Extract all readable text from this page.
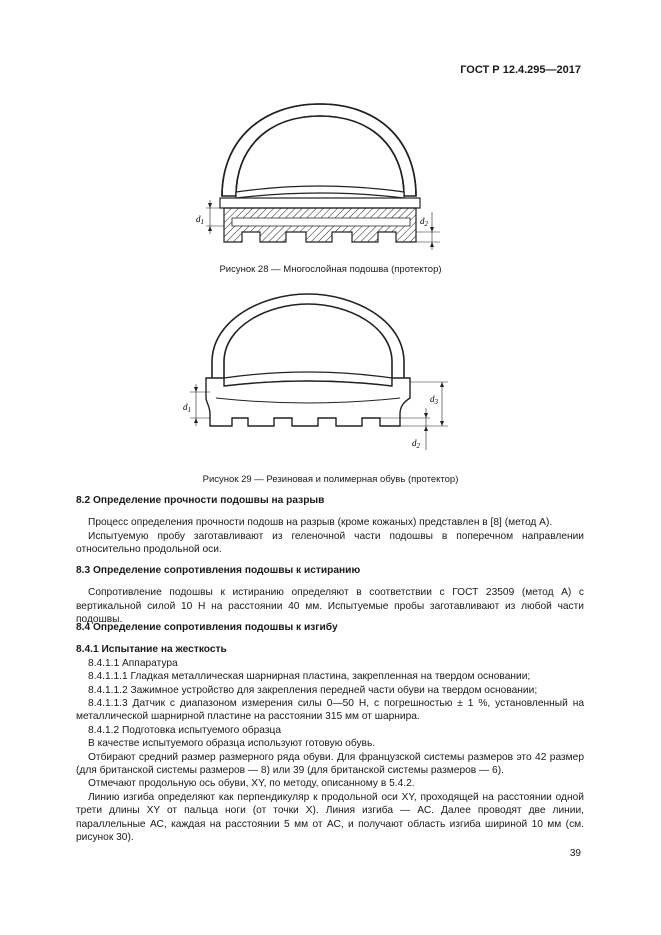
ГОСТ Р 12.4.295—2017
$d_1$	$d_2$
Рисунок 28 — Многослойная подошва (протектор)
$d_1$
$d_3$
$d_2$
Рисунок 29 — Резиновая и полимерная обувь (протектор)

8.2 Определение прочности подошвы на разрыв

Процесс определения прочности подошв на разрыв (кроме кожаных) представлен в [8] (метод А).

Испытуемую пробу заготавливают из геленочной части подошвы в поперечном направлении относительно продольной оси.

8.3 Определение сопротивления подошвы к истиранию

Сопротивление подошвы к истиранию определяют в соответствии с ГОСТ 23509 (метод А) с вертикальной силой 10 Н на расстоянии 40 мм. Испытуемые пробы заготавливают из любой части подошвы.

8.4 Определение сопротивления подошвы к изгибу

8.4.1 Испытание на жесткость

8.4.1.1 Аппаратура

8.4.1.1.1 Гладкая металлическая шарнирная пластина, закрепленная на твердом основании;

8.4.1.1.2 Зажимное устройство для закрепления передней части обуви на твердом основании;

8.4.1.1.3 Датчик с диапазоном измерения силы 0—50 Н, с погрешностью ± 1 %, установленный на металлической шарнирной пластине на расстоянии 315 мм от шарнира.

8.4.1.2 Подготовка испытуемого образца

В качестве испытуемого образца используют готовую обувь.

Отбирают средний размер размерного ряда обуви. Для французской системы размеров это 42 размер (для британской системы размеров — 8) или 39 (для британской системы размеров — 6).

Отмечают продольную ось обуви, XY, по методу, описанному в 5.4.2.

Линию изгиба определяют как перпендикуляр к продольной оси XY, проходящей на расстоянии одной трети длины XY от пальца ноги (от точки X). Линия изгиба — АС. Далее проводят две линии, параллельные АС, каждая на расстоянии 5 мм от АС, и получают область изгиба шириной 10 мм (см. рисунок 30).

39
